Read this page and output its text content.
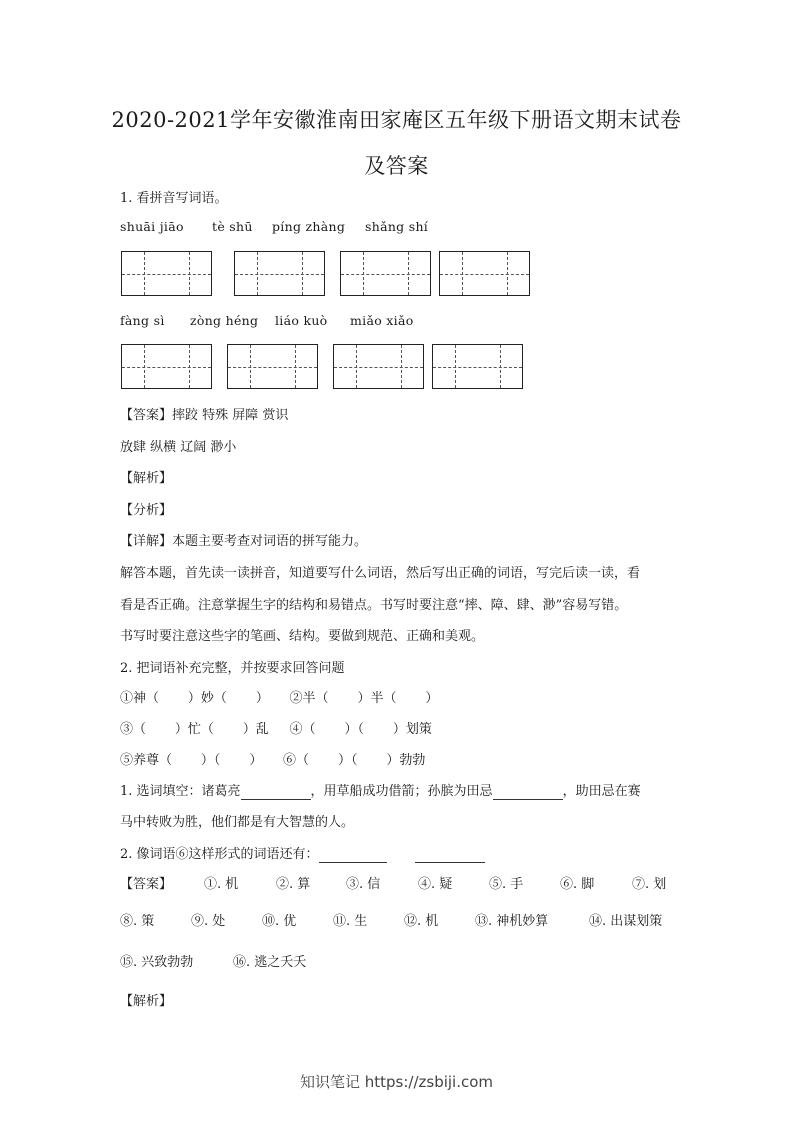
2020-2021学年安徽淮南田家庵区五年级下册语文期末试卷
及答案
1. 看拼音写词语。
shuāi jiāo tè shū píng zhàng shǎng shí
fàng sì zòng héng liáo kuò miǎo xiǎo
【答案】摔跤 特殊 屏障 赏识
放肆 纵横 辽阔 渺小
【解析】
【分析】
【详解】本题主要考查对词语的拼写能力。
解答本题，首先读一读拼音，知道要写什么词语，然后写出正确的词语，写完后读一读，看
看是否正确。注意掌握生字的结构和易错点。书写时要注意“摔、障、肆、渺”容易写错。
书写时要注意这些字的笔画、结构。要做到规范、正确和美观。
2. 把词语补充完整，并按要求回答问题
①神（       ）妙（       ）     ②半（       ）半（       ）
③（       ）忙（       ）乱     ④（       ）（       ）划策
⑤养尊（       ）（       ）     ⑥（       ）（       ）勃勃
1. 选词填空：诸葛亮	，用草船成功借箭；孙膑为田忌	，助田忌在赛
马中转败为胜，他们都是有大智慧的人。
2. 像词语⑥这样形式的词语还有：
【答案】 ①. 机	②. 算	③. 信	④. 疑	⑤. 手	⑥. 脚	⑦. 划
⑧. 策	⑨. 处	⑩. 优	⑪. 生	⑫. 机	⑬. 神机妙算	⑭. 出谋划策
⑮. 兴致勃勃	⑯. 逃之夭夭
【解析】
知识笔记 https://zsbiji.com
